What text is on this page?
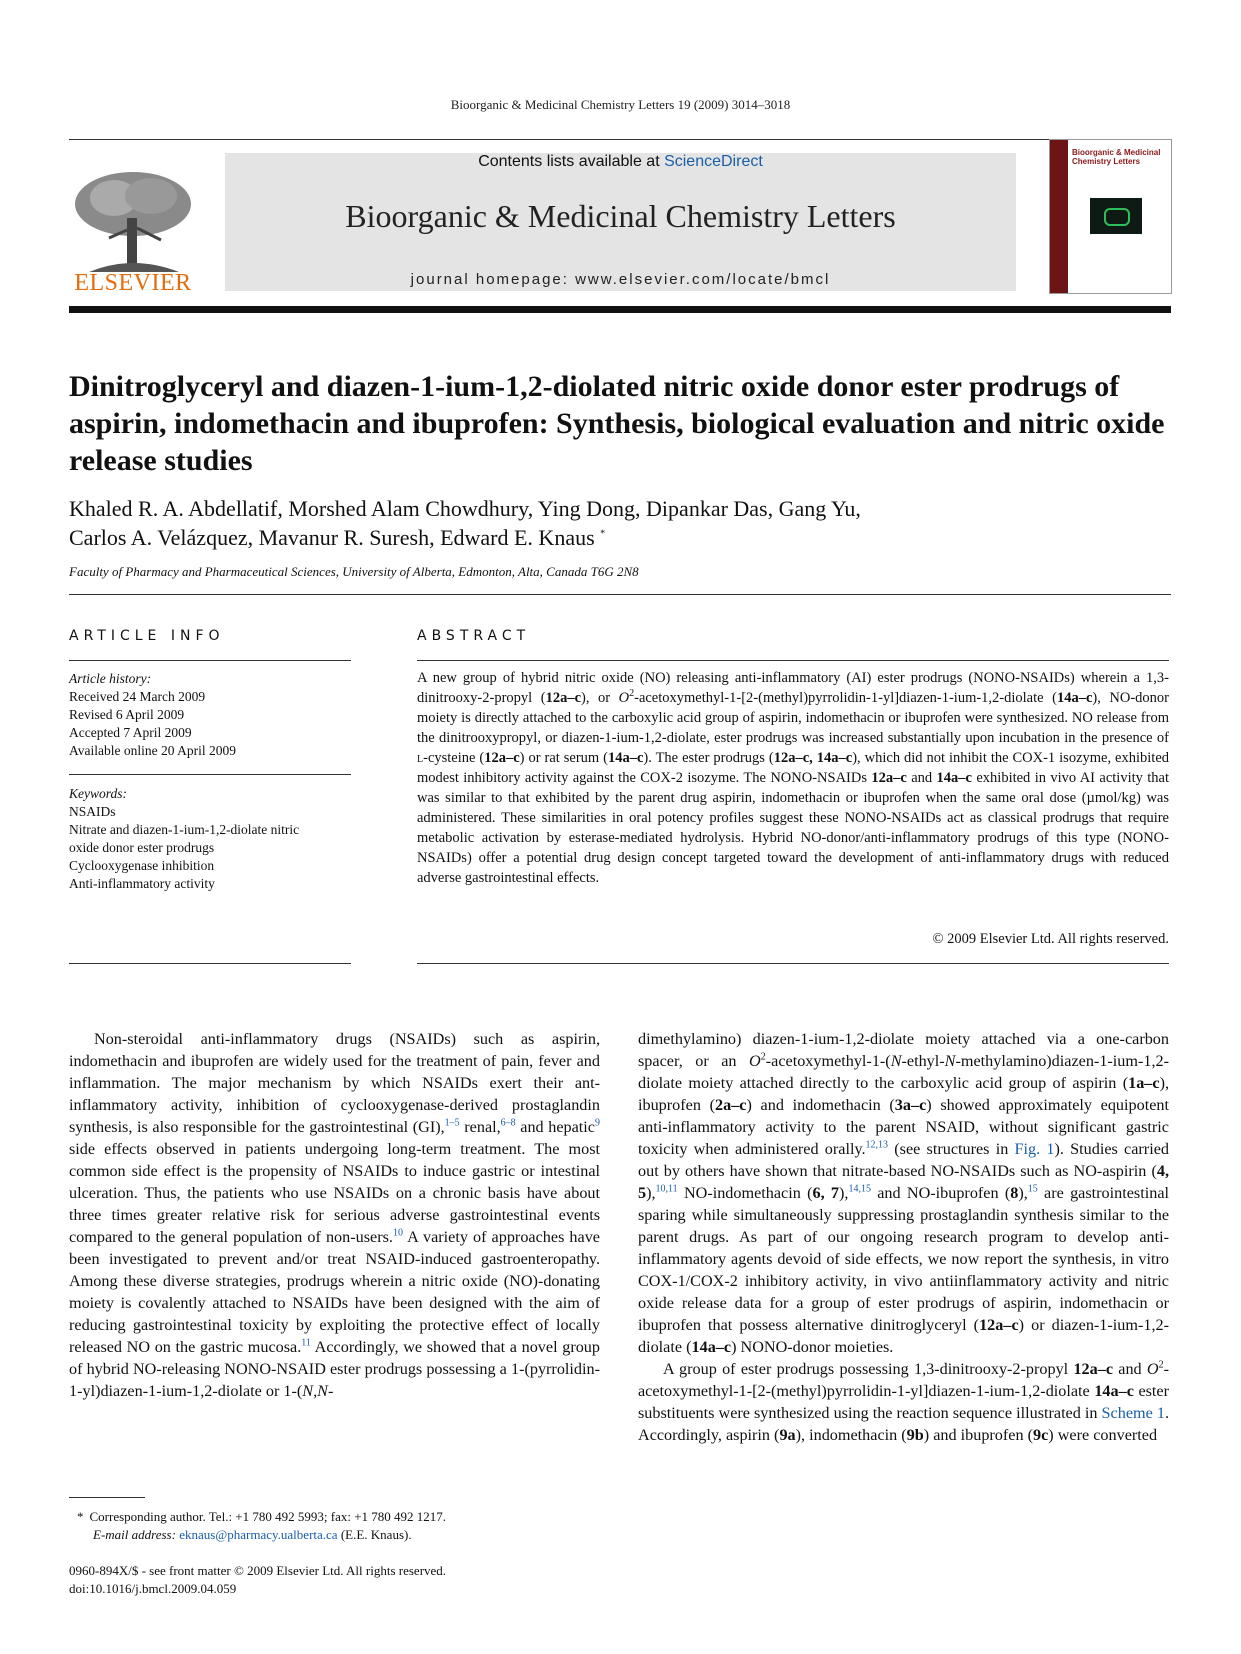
Bioorganic & Medicinal Chemistry Letters 19 (2009) 3014–3018
ELSEVIER
Contents lists available at ScienceDirect
Bioorganic & Medicinal Chemistry Letters
journal homepage: www.elsevier.com/locate/bmcl
Bioorganic & Medicinal Chemistry Letters
Dinitroglyceryl and diazen-1-ium-1,2-diolated nitric oxide donor ester prodrugs of aspirin, indomethacin and ibuprofen: Synthesis, biological evaluation and nitric oxide release studies
Khaled R. A. Abdellatif, Morshed Alam Chowdhury, Ying Dong, Dipankar Das, Gang Yu,
Carlos A. Velázquez, Mavanur R. Suresh, Edward E. Knaus *
Faculty of Pharmacy and Pharmaceutical Sciences, University of Alberta, Edmonton, Alta, Canada T6G 2N8
ARTICLE INFO	ABSTRACT
Article history:
Received 24 March 2009
Revised 6 April 2009
Accepted 7 April 2009
Available online 20 April 2009
Keywords:
NSAIDs
Nitrate and diazen-1-ium-1,2-diolate nitric
oxide donor ester prodrugs
Cyclooxygenase inhibition
Anti-inflammatory activity
A new group of hybrid nitric oxide (NO) releasing anti-inflammatory (AI) ester prodrugs (NONO-NSAIDs) wherein a 1,3-dinitrooxy-2-propyl (12a–c), or $O^2-acetoxymethyl-1-[2-(methyl)pyrrolidin-1-yl]diazen-1-ium-1,2$-diolate (14a–c), NO-donor moiety is directly attached to the carboxylic acid group of aspirin, indomethacin or ibuprofen were synthesized. NO release from the dinitrooxypropyl, or diazen-1-ium-1,2-diolate, ester prodrugs was increased substantially upon incubation in the presence of l-cysteine (12a–c) or rat serum (14a–c). The ester prodrugs (12a–c, 14a–c), which did not inhibit the COX-1 isozyme, exhibited modest inhibitory activity against the COX-2 isozyme. The NONO-NSAIDs 12a–c and 14a–c exhibited in vivo AI activity that was similar to that exhibited by the parent drug aspirin, indomethacin or ibuprofen when the same oral dose (µmol/kg) was administered. These similarities in oral potency profiles suggest these NONO-NSAIDs act as classical prodrugs that require metabolic activation by esterase-mediated hydrolysis. Hybrid NO-donor/anti-inflammatory prodrugs of this type (NONO-NSAIDs) offer a potential drug design concept targeted toward the development of anti-inflammatory drugs with reduced adverse gastrointestinal effects.
© 2009 Elsevier Ltd. All rights reserved.
Non-steroidal anti-inflammatory drugs (NSAIDs) such as aspirin, indomethacin and ibuprofen are widely used for the treatment of pain, fever and inflammation. The major mechanism by which NSAIDs exert their ant-inflammatory activity, inhibition of cyclooxygenase-derived prostaglandin synthesis, is also responsible for the gastrointestinal (GI),$^{1-5}$ renal,$^{6-8}$ and hepatic$^9$ side effects observed in patients undergoing long-term treatment. The most common side effect is the propensity of NSAIDs to induce gastric or intestinal ulceration. Thus, the patients who use NSAIDs on a chronic basis have about three times greater relative risk for serious adverse gastrointestinal events compared to the general population of non-users.$^{10}$ A variety of approaches have been investigated to prevent and/or treat NSAID-induced gastroenteropathy. Among these diverse strategies, prodrugs wherein a nitric oxide (NO)-donating moiety is covalently attached to NSAIDs have been designed with the aim of reducing gastrointestinal toxicity by exploiting the protective effect of locally released NO on the gastric mucosa.$^{11}$ Accordingly, we showed that a novel group of hybrid NO-releasing NONO-NSAID ester prodrugs possessing a 1-(pyrrolidin-1-yl)diazen-1-ium-1,2-diolate or 1-(N,N-

dimethylamino) diazen-1-ium-1,2-diolate moiety attached via a one-carbon spacer, or an $O^2-acetoxymethyl-1-(N-ethyl-N-methylamino)diazen-1-ium-1,2$-diolate moiety attached directly to the carboxylic acid group of aspirin (1a–c), ibuprofen (2a–c) and indomethacin (3a–c) showed approximately equipotent anti-inflammatory activity to the parent NSAID, without significant gastric toxicity when administered orally.$^{12,13}$ (see structures in Fig. 1). Studies carried out by others have shown that nitrate-based NO-NSAIDs such as NO-aspirin (4, 5),$^{10,11}$ NO-indomethacin (6, 7),$^{14,15}$ and NO-ibuprofen (8),$^{15}$ are gastrointestinal sparing while simultaneously suppressing prostaglandin synthesis similar to the parent drugs. As part of our ongoing research program to develop anti-inflammatory agents devoid of side effects, we now report the synthesis, in vitro COX-1/COX-2 inhibitory activity, in vivo antiinflammatory activity and nitric oxide release data for a group of ester prodrugs of aspirin, indomethacin or ibuprofen that possess alternative dinitroglyceryl (12a–c) or diazen-1-ium-1,2-diolate (14a–c) NONO-donor moieties.

A group of ester prodrugs possessing 1,3-dinitrooxy-2-propyl 12a–c and $O^2-acetoxymethyl-1-[2-(methyl)pyrrolidin-1-yl]diazen-1-ium-1,2$-diolate 14a–c ester substituents were synthesized using the reaction sequence illustrated in Scheme 1. Accordingly, aspirin (9a), indomethacin (9b) and ibuprofen (9c) were converted

* Corresponding author. Tel.: +1 780 492 5993; fax: +1 780 492 1217.
E-mail address: eknaus@pharmacy.ualberta.ca (E.E. Knaus).
0960-894X/$ - see front matter © 2009 Elsevier Ltd. All rights reserved.
doi:10.1016/j.bmcl.2009.04.059
